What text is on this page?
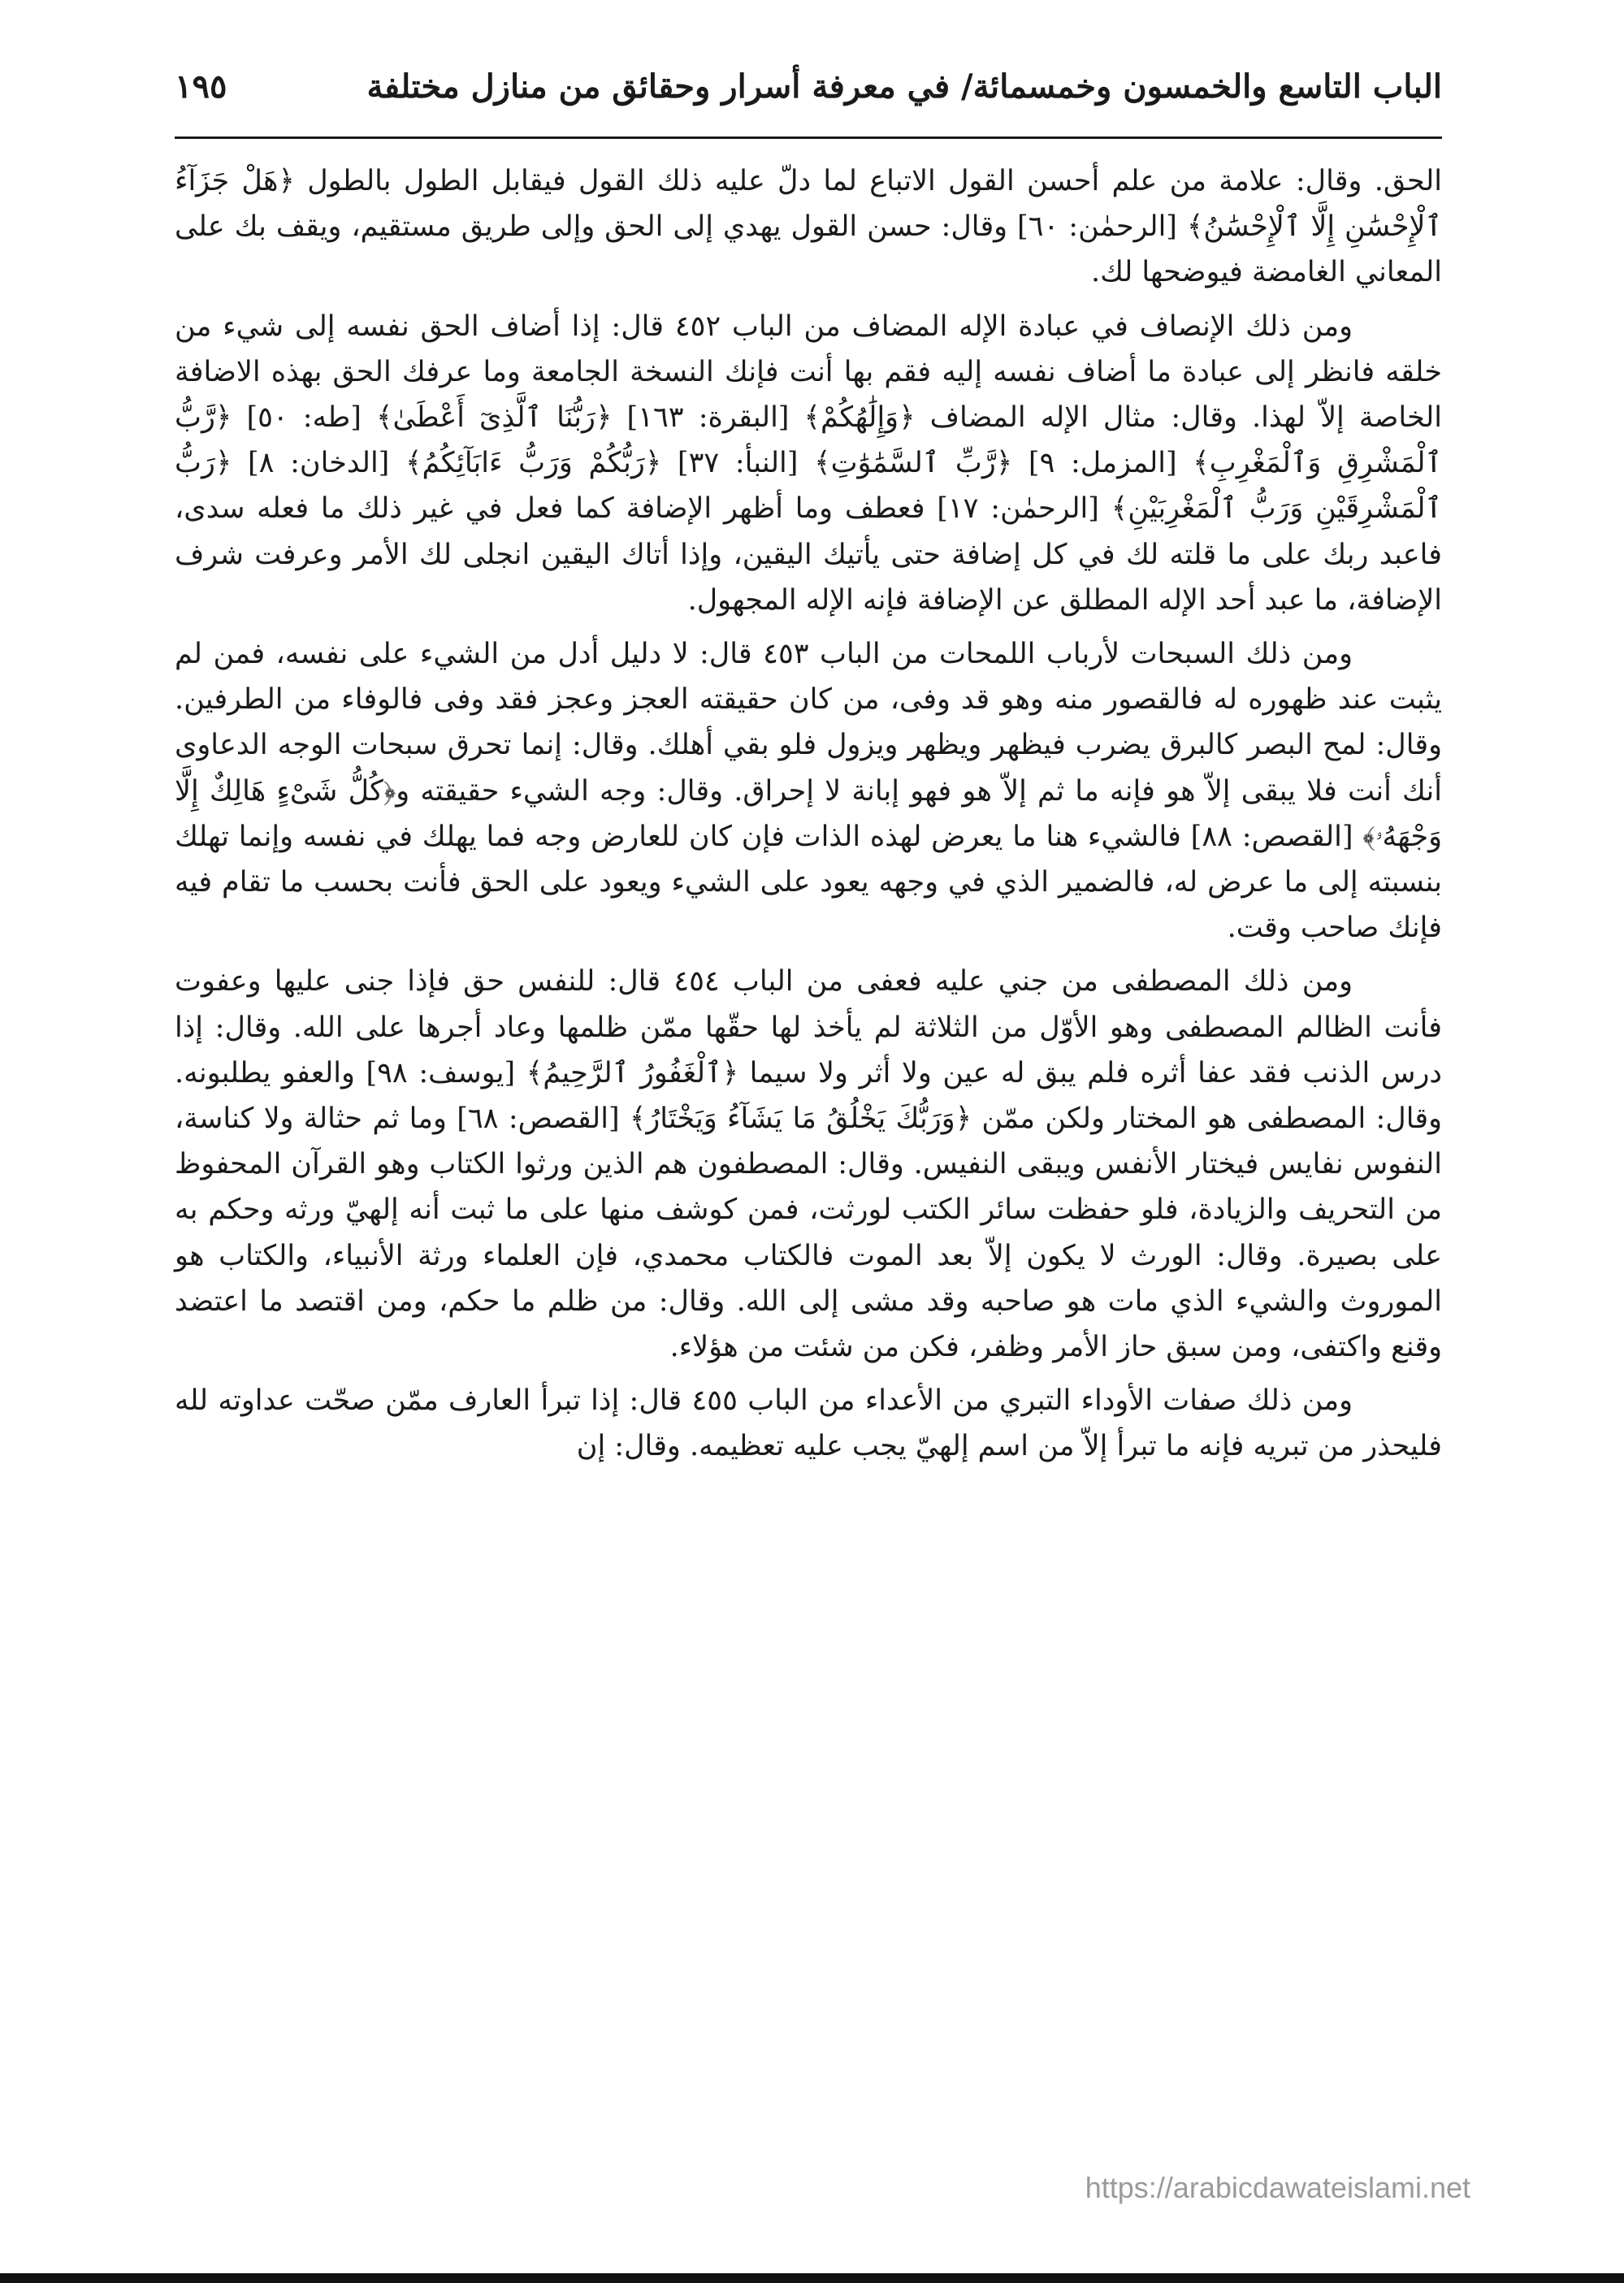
الباب التاسع والخمسون وخمسمائة/ في معرفة أسرار وحقائق من منازل مختلفة
١٩٥

الحق. وقال: علامة من علم أحسن القول الاتباع لما دلّ عليه ذلك القول فيقابل الطول بالطول ﴿هَلْ جَزَآءُ ٱلْإِحْسَٰنِ إِلَّا ٱلْإِحْسَٰنُ﴾ [الرحمٰن: ٦٠] وقال: حسن القول يهدي إلى الحق وإلى طريق مستقيم، ويقف بك على المعاني الغامضة فيوضحها لك.

ومن ذلك الإنصاف في عبادة الإله المضاف من الباب ٤٥٢ قال: إذا أضاف الحق نفسه إلى شيء من خلقه فانظر إلى عبادة ما أضاف نفسه إليه فقم بها أنت فإنك النسخة الجامعة وما عرفك الحق بهذه الاضافة الخاصة إلاّ لهذا. وقال: مثال الإله المضاف ﴿وَإِلَٰهُكُمْ﴾ [البقرة: ١٦٣] ﴿رَبُّنَا ٱلَّذِىٓ أَعْطَىٰ﴾ [طه: ٥٠] ﴿رَّبُّ ٱلْمَشْرِقِ وَٱلْمَغْرِبِ﴾ [المزمل: ٩] ﴿رَّبِّ ٱلسَّمَٰوَٰتِ﴾ [النبأ: ٣٧] ﴿رَبُّكُمْ وَرَبُّ ءَابَآئِكُمُ﴾ [الدخان: ٨] ﴿رَبُّ ٱلْمَشْرِقَيْنِ وَرَبُّ ٱلْمَغْرِبَيْنِ﴾ [الرحمٰن: ١٧] فعطف وما أظهر الإضافة كما فعل في غير ذلك ما فعله سدى، فاعبد ربك على ما قلته لك في كل إضافة حتى يأتيك اليقين، وإذا أتاك اليقين انجلى لك الأمر وعرفت شرف الإضافة، ما عبد أحد الإله المطلق عن الإضافة فإنه الإله المجهول.

ومن ذلك السبحات لأرباب اللمحات من الباب ٤٥٣ قال: لا دليل أدل من الشيء على نفسه، فمن لم يثبت عند ظهوره له فالقصور منه وهو قد وفى، من كان حقيقته العجز وعجز فقد وفى فالوفاء من الطرفين. وقال: لمح البصر كالبرق يضرب فيظهر ويظهر ويزول فلو بقي أهلك. وقال: إنما تحرق سبحات الوجه الدعاوى أنك أنت فلا يبقى إلاّ هو فإنه ما ثم إلاّ هو فهو إبانة لا إحراق. وقال: وجه الشيء حقيقته و﴿كُلُّ شَىْءٍ هَالِكٌ إِلَّا وَجْهَهُۥ﴾ [القصص: ٨٨] فالشيء هنا ما يعرض لهذه الذات فإن كان للعارض وجه فما يهلك في نفسه وإنما تهلك بنسبته إلى ما عرض له، فالضمير الذي في وجهه يعود على الشيء ويعود على الحق فأنت بحسب ما تقام فيه فإنك صاحب وقت.

ومن ذلك المصطفى من جني عليه فعفى من الباب ٤٥٤ قال: للنفس حق فإذا جنى عليها وعفوت فأنت الظالم المصطفى وهو الأوّل من الثلاثة لم يأخذ لها حقّها ممّن ظلمها وعاد أجرها على الله. وقال: إذا درس الذنب فقد عفا أثره فلم يبق له عين ولا أثر ولا سيما ﴿ٱلْغَفُورُ ٱلرَّحِيمُ﴾ [يوسف: ٩٨] والعفو يطلبونه. وقال: المصطفى هو المختار ولكن ممّن ﴿وَرَبُّكَ يَخْلُقُ مَا يَشَآءُ وَيَخْتَارُ﴾ [القصص: ٦٨] وما ثم حثالة ولا كناسة، النفوس نفايس فيختار الأنفس ويبقى النفيس. وقال: المصطفون هم الذين ورثوا الكتاب وهو القرآن المحفوظ من التحريف والزيادة، فلو حفظت سائر الكتب لورثت، فمن كوشف منها على ما ثبت أنه إلهيّ ورثه وحكم به على بصيرة. وقال: الورث لا يكون إلاّ بعد الموت فالكتاب محمدي، فإن العلماء ورثة الأنبياء، والكتاب هو الموروث والشيء الذي مات هو صاحبه وقد مشى إلى الله. وقال: من ظلم ما حكم، ومن اقتصد ما اعتضد وقنع واكتفى، ومن سبق حاز الأمر وظفر، فكن من شئت من هؤلاء.

ومن ذلك صفات الأوداء التبري من الأعداء من الباب ٤٥٥ قال: إذا تبرأ العارف ممّن صحّت عداوته لله فليحذر من تبريه فإنه ما تبرأ إلاّ من اسم إلهيّ يجب عليه تعظيمه. وقال: إن

https://arabicdawateislami.net
